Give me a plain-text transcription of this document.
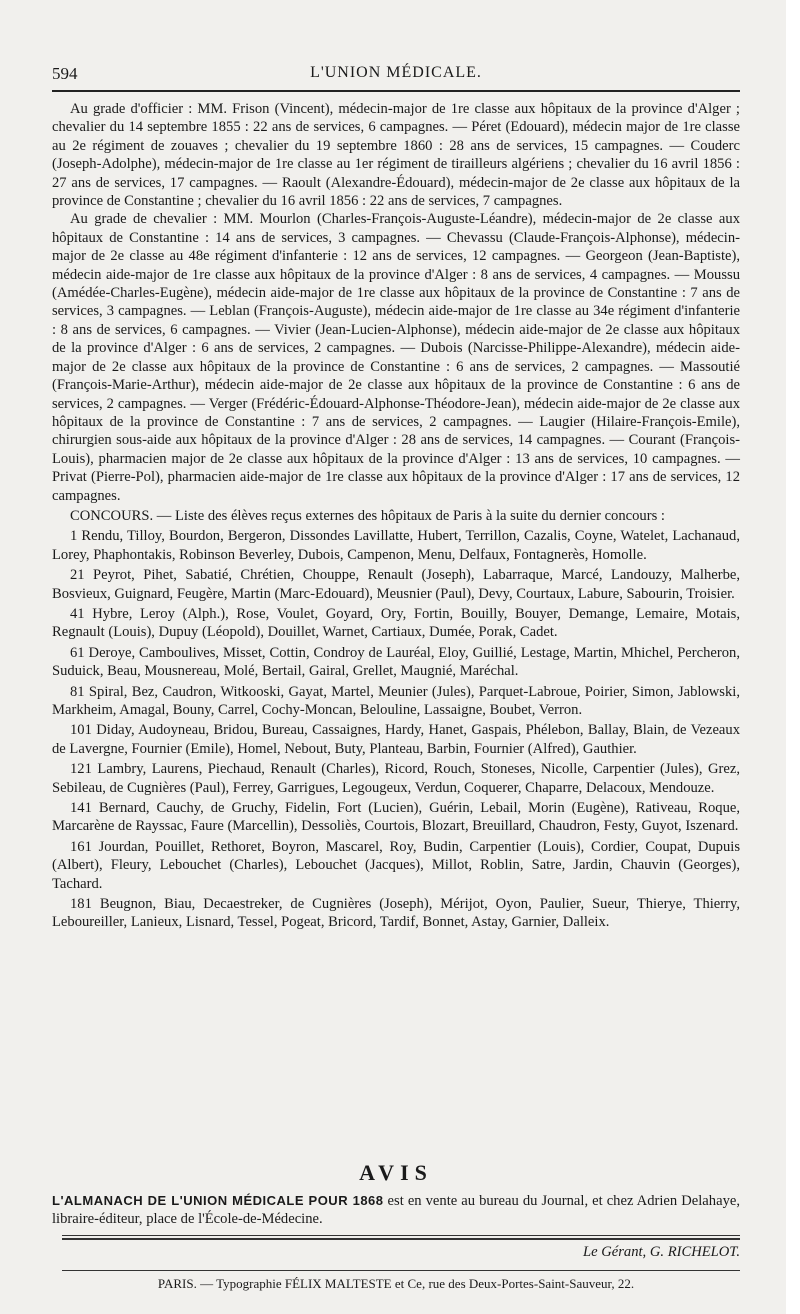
594	L'UNION MÉDICALE.

Au grade d'officier : MM. Frison (Vincent), médecin-major de 1re classe aux hôpitaux de la province d'Alger ; chevalier du 14 septembre 1855 : 22 ans de services, 6 campagnes. — Péret (Edouard), médecin major de 1re classe au 2e régiment de zouaves ; chevalier du 19 septembre 1860 : 28 ans de services, 15 campagnes. — Couderc (Joseph-Adolphe), médecin-major de 1re classe au 1er régiment de tirailleurs algériens ; chevalier du 16 avril 1856 : 27 ans de services, 17 campagnes. — Raoult (Alexandre-Édouard), médecin-major de 2e classe aux hôpitaux de la province de Constantine ; chevalier du 16 avril 1856 : 22 ans de services, 7 campagnes.

Au grade de chevalier : MM. Mourlon (Charles-François-Auguste-Léandre), médecin-major de 2e classe aux hôpitaux de Constantine : 14 ans de services, 3 campagnes. — Chevassu (Claude-François-Alphonse), médecin-major de 2e classe au 48e régiment d'infanterie : 12 ans de services, 12 campagnes. — Georgeon (Jean-Baptiste), médecin aide-major de 1re classe aux hôpitaux de la province d'Alger : 8 ans de services, 4 campagnes. — Moussu (Amédée-Charles-Eugène), médecin aide-major de 1re classe aux hôpitaux de la province de Constantine : 7 ans de services, 3 campagnes. — Leblan (François-Auguste), médecin aide-major de 1re classe au 34e régiment d'infanterie : 8 ans de services, 6 campagnes. — Vivier (Jean-Lucien-Alphonse), médecin aide-major de 2e classe aux hôpitaux de la province d'Alger : 6 ans de services, 2 campagnes. — Dubois (Narcisse-Philippe-Alexandre), médecin aide-major de 2e classe aux hôpitaux de la province de Constantine : 6 ans de services, 2 campagnes. — Massoutié (François-Marie-Arthur), médecin aide-major de 2e classe aux hôpitaux de la province de Constantine : 6 ans de services, 2 campagnes. — Verger (Frédéric-Édouard-Alphonse-Théodore-Jean), médecin aide-major de 2e classe aux hôpitaux de la province de Constantine : 7 ans de services, 2 campagnes. — Laugier (Hilaire-François-Emile), chirurgien sous-aide aux hôpitaux de la province d'Alger : 28 ans de services, 14 campagnes. — Courant (François-Louis), pharmacien major de 2e classe aux hôpitaux de la province d'Alger : 13 ans de services, 10 campagnes. — Privat (Pierre-Pol), pharmacien aide-major de 1re classe aux hôpitaux de la province d'Alger : 17 ans de services, 12 campagnes.

CONCOURS. — Liste des élèves reçus externes des hôpitaux de Paris à la suite du dernier concours :

1 Rendu, Tilloy, Bourdon, Bergeron, Dissondes Lavillatte, Hubert, Terrillon, Cazalis, Coyne, Watelet, Lachanaud, Lorey, Phaphontakis, Robinson Beverley, Dubois, Campenon, Menu, Delfaux, Fontagnerès, Homolle.

21 Peyrot, Pihet, Sabatié, Chrétien, Chouppe, Renault (Joseph), Labarraque, Marcé, Landouzy, Malherbe, Bosvieux, Guignard, Feugère, Martin (Marc-Edouard), Meusnier (Paul), Devy, Courtaux, Labure, Sabourin, Troisier.

41 Hybre, Leroy (Alph.), Rose, Voulet, Goyard, Ory, Fortin, Bouilly, Bouyer, Demange, Lemaire, Motais, Regnault (Louis), Dupuy (Léopold), Douillet, Warnet, Cartiaux, Dumée, Porak, Cadet.

61 Deroye, Cambouliνes, Misset, Cottin, Condroy de Lauréal, Eloy, Guillié, Lestage, Martin, Mhichel, Percheron, Suduick, Beau, Mousnereau, Molé, Bertail, Gairal, Grellet, Maugnié, Maréchal.

81 Spiral, Bez, Caudron, Witkooski, Gayat, Martel, Meunier (Jules), Parquet-Labroue, Poirier, Simon, Jablowski, Markheim, Amagal, Bouny, Carrel, Cochy-Moncan, Belouline, Lassaigne, Boubet, Verron.

101 Diday, Audoyneau, Bridou, Bureau, Cassaignes, Hardy, Hanet, Gaspais, Phélebon, Ballay, Blain, de Vezeaux de Lavergne, Fournier (Emile), Homel, Nebout, Buty, Planteau, Barbin, Fournier (Alfred), Gauthier.

121 Lambry, Laurens, Piechaud, Renault (Charles), Ricord, Rouch, Stoneses, Nicolle, Carpentier (Jules), Grez, Sebileau, de Cugnières (Paul), Ferrey, Garrigues, Legougeux, Verdun, Coquerer, Chaparre, Delacoux, Mendouze.

141 Bernard, Cauchy, de Gruchy, Fidelin, Fort (Lucien), Guérin, Lebail, Morin (Eugène), Rativeau, Roque, Marcarène de Rayssac, Faure (Marcellin), Dessoliès, Courtois, Blozart, Breuillard, Chaudron, Festy, Guyot, Iszenard.

161 Jourdan, Pouillet, Rethoret, Boyron, Mascarel, Roy, Budin, Carpentier (Louis), Cordier, Coupat, Dupuis (Albert), Fleury, Lebouchet (Charles), Lebouchet (Jacques), Millot, Roblin, Satre, Jardin, Chauvin (Georges), Tachard.

181 Beugnon, Biau, Decaestreker, de Cugnières (Joseph), Mérijot, Oyon, Paulier, Sueur, Thierye, Thierry, Leboureiller, Lanieux, Lisnard, Tessel, Pogeat, Bricord, Tardif, Bonnet, Astay, Garnier, Dalleix.

AVIS
L'ALMANACH DE L'UNION MÉDICALE POUR 1868 est en vente au bureau du Journal, et chez Adrien Delahaye, libraire-éditeur, place de l'École-de-Médecine.
Le Gérant, G. RICHELOT.
PARIS. — Typographie FÉLIX MALTESTE et Ce, rue des Deux-Portes-Saint-Sauveur, 22.
